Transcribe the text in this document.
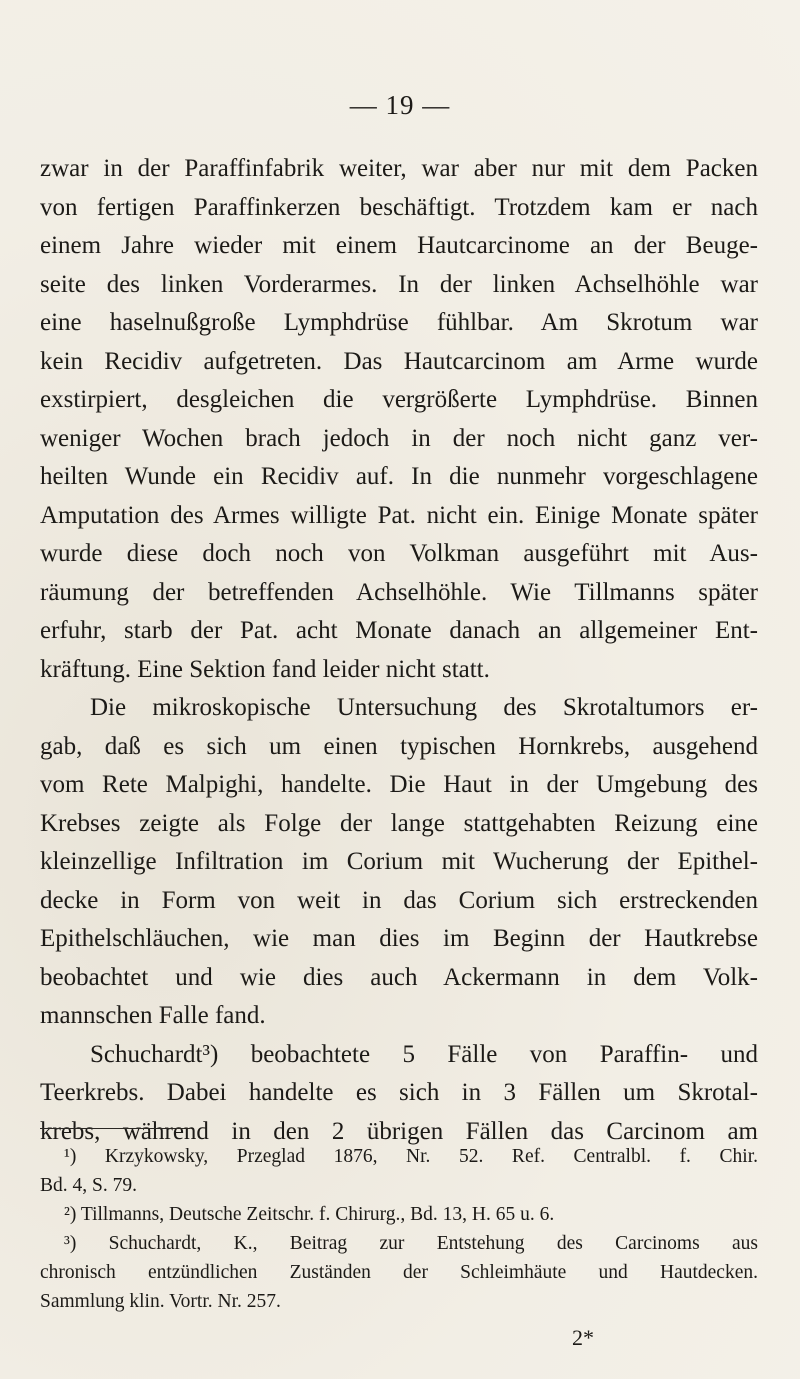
— 19 —
zwar in der Paraffinfabrik weiter, war aber nur mit dem Packen
von fertigen Paraffinkerzen beschäftigt. Trotzdem kam er nach
einem Jahre wieder mit einem Hautcarcinome an der Beuge-
seite des linken Vorderarmes. In der linken Achselhöhle war
eine haselnußgroße Lymphdrüse fühlbar. Am Skrotum war
kein Recidiv aufgetreten. Das Hautcarcinom am Arme wurde
exstirpiert, desgleichen die vergrößerte Lymphdrüse. Binnen
weniger Wochen brach jedoch in der noch nicht ganz ver-
heilten Wunde ein Recidiv auf. In die nunmehr vorgeschlagene
Amputation des Armes willigte Pat. nicht ein. Einige Monate später
wurde diese doch noch von Volkman ausgeführt mit Aus-
räumung der betreffenden Achselhöhle. Wie Tillmanns später
erfuhr, starb der Pat. acht Monate danach an allgemeiner Ent-
kräftung. Eine Sektion fand leider nicht statt.
Die mikroskopische Untersuchung des Skrotaltumors er-
gab, daß es sich um einen typischen Hornkrebs, ausgehend
vom Rete Malpighi, handelte. Die Haut in der Umgebung des
Krebses zeigte als Folge der lange stattgehabten Reizung eine
kleinzellige Infiltration im Corium mit Wucherung der Epithel-
decke in Form von weit in das Corium sich erstreckenden
Epithelschläuchen, wie man dies im Beginn der Hautkrebse
beobachtet und wie dies auch Ackermann in dem Volk-
mannschen Falle fand.
Schuchardt³) beobachtete 5 Fälle von Paraffin- und
Teerkrebs. Dabei handelte es sich in 3 Fällen um Skrotal-
krebs, während in den 2 übrigen Fällen das Carcinom am
¹) Krzykowsky, Przeglad 1876, Nr. 52. Ref. Centralbl. f. Chir.
Bd. 4, S. 79.
²) Tillmanns, Deutsche Zeitschr. f. Chirurg., Bd. 13, H. 65 u. 6.
³) Schuchardt, K., Beitrag zur Entstehung des Carcinoms aus
chronisch entzündlichen Zuständen der Schleimhäute und Hautdecken.
Sammlung klin. Vortr. Nr. 257.
2*
